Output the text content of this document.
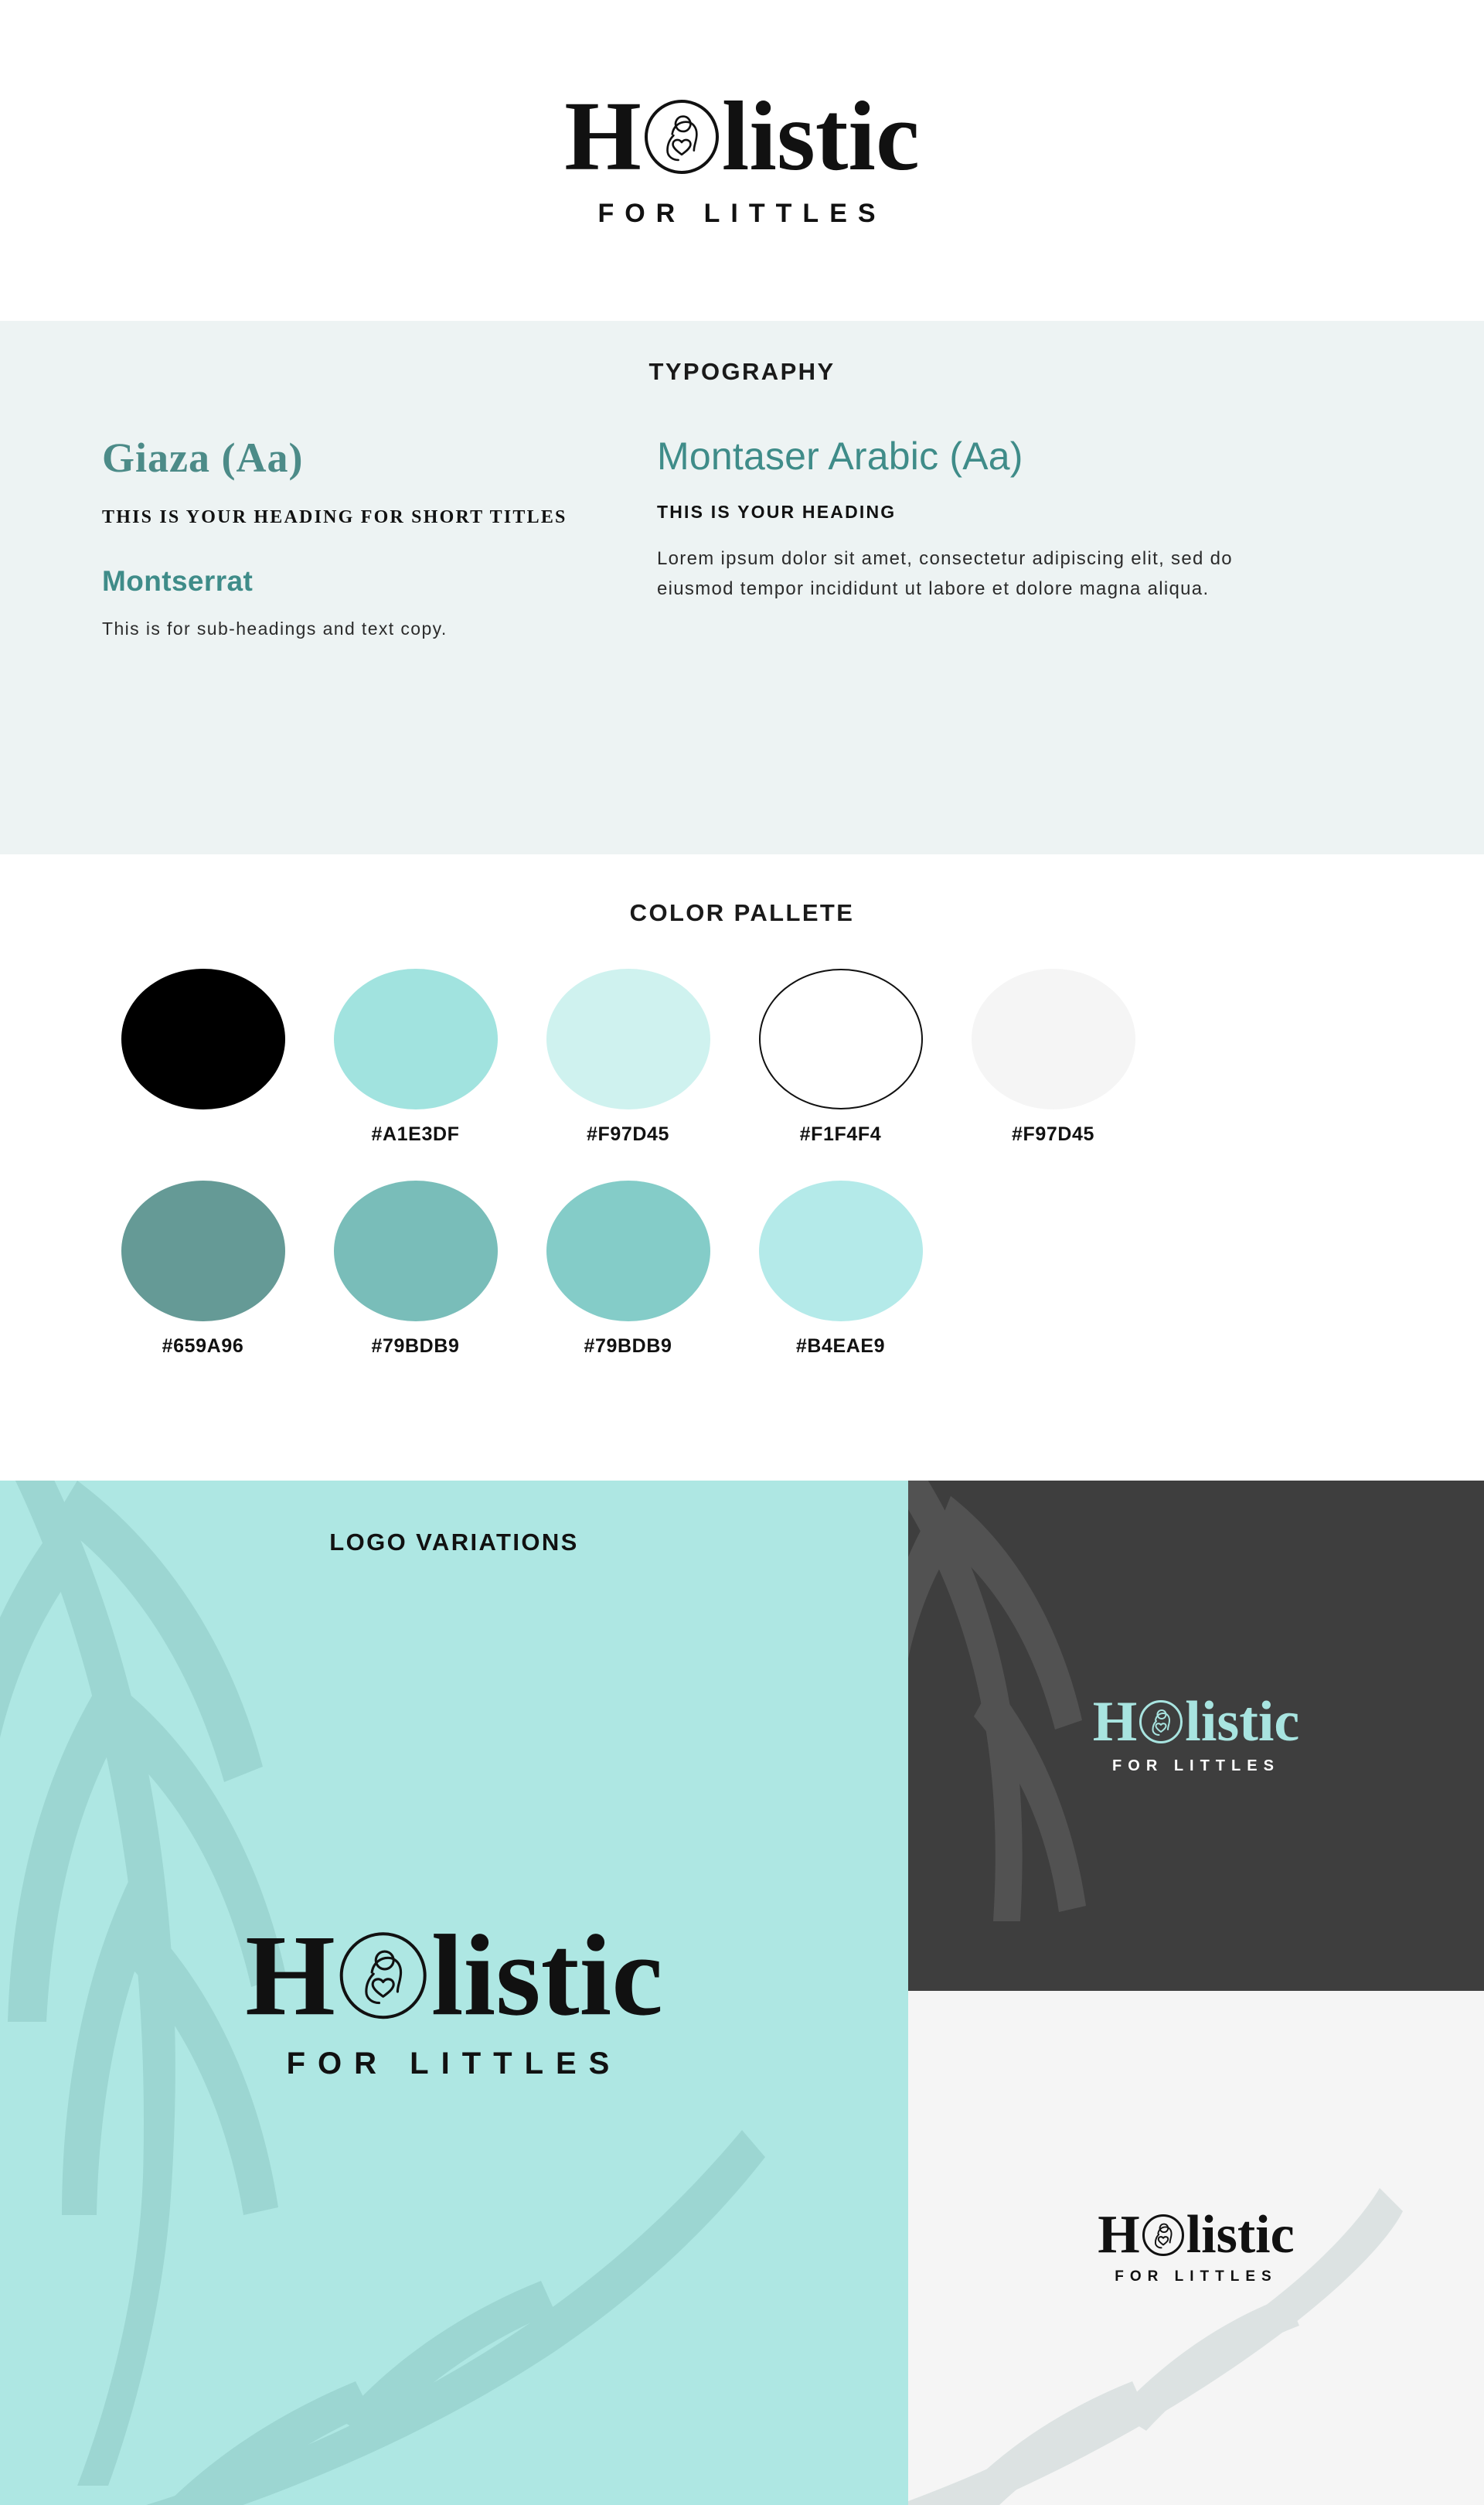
H listic
FOR LITTLES
TYPOGRAPHY
Giaza (Aa)
THIS IS YOUR HEADING FOR SHORT TITLES
Montserrat
This is for sub-headings and text copy.
Montaser Arabic (Aa)
THIS IS YOUR HEADING
Lorem ipsum dolor sit amet, consectetur adipiscing elit, sed do eiusmod tempor incididunt ut labore et dolore magna aliqua.
COLOR PALLETE
#A1E3DF	#F97D45	#F1F4F4	#F97D45
#659A96	#79BDB9	#79BDB9	#B4EAE9
LOGO VARIATIONS
H listic
FOR LITTLES
H listic
FOR LITTLES
H listic
FOR LITTLES
